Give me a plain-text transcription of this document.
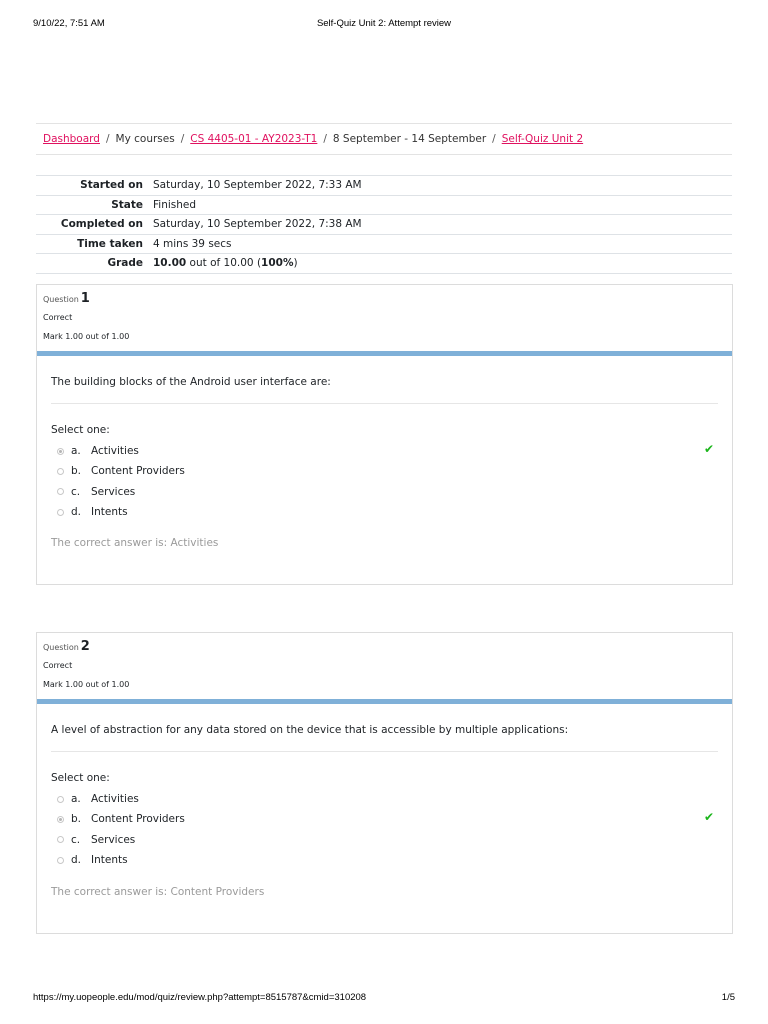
9/10/22, 7:51 AM	Self-Quiz Unit 2: Attempt review
Dashboard / My courses / CS 4405-01 - AY2023-T1 / 8 September - 14 September / Self-Quiz Unit 2
Started on	Saturday, 10 September 2022, 7:33 AM
State	Finished
Completed on	Saturday, 10 September 2022, 7:38 AM
Time taken	4 mins 39 secs
Grade	10.00 out of 10.00 (100%)
Question 1
Correct
Mark 1.00 out of 1.00
The building blocks of the Android user interface are:
Select one:
a. Activities
b. Content Providers
c.	Services
d. Intents
✔
The correct answer is: Activities
Question 2
Correct
Mark 1.00 out of 1.00
A level of abstraction for any data stored on the device that is accessible by multiple applications:
Select one:
a. Activities
b. Content Providers
c.	Services
d. Intents
✔
The correct answer is: Content Providers
https://my.uopeople.edu/mod/quiz/review.php?attempt=8515787&cmid=310208	1/5
